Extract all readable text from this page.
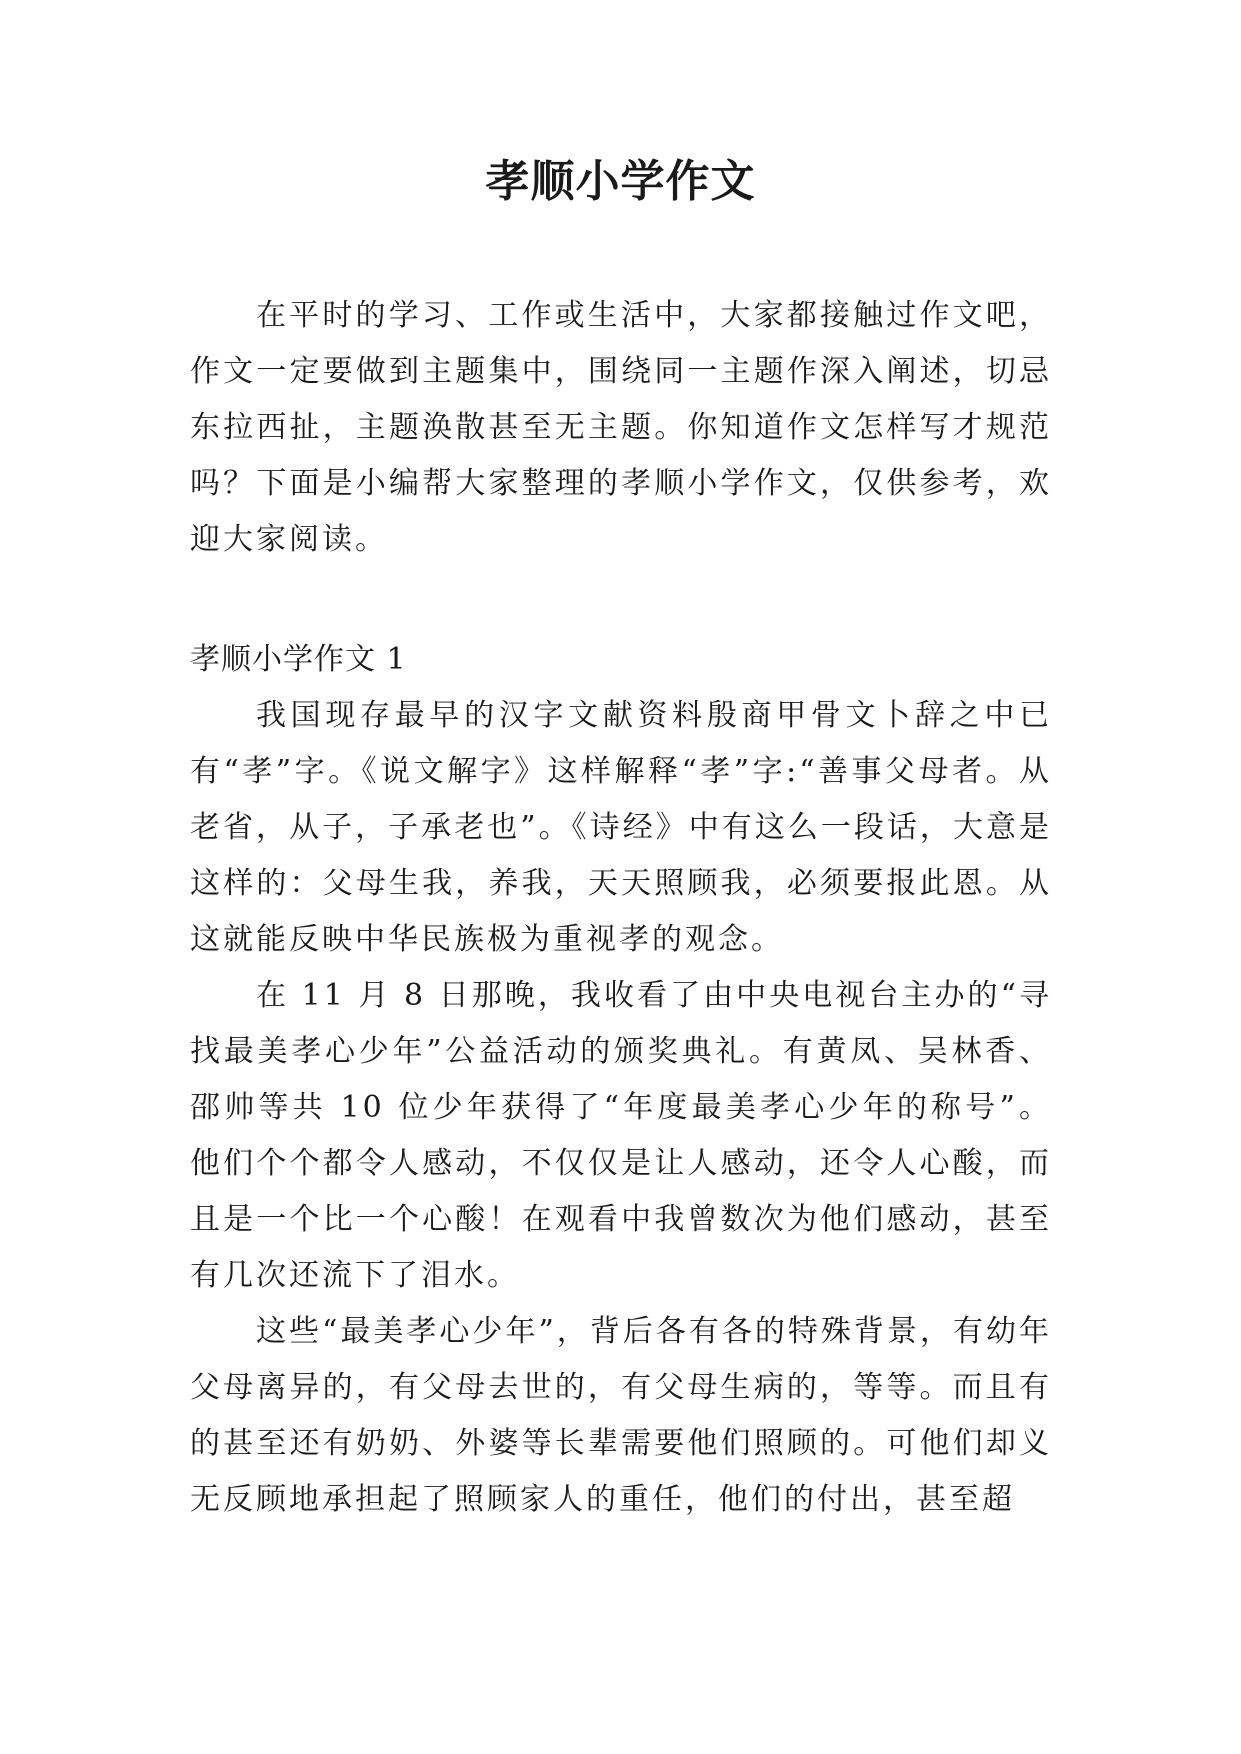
孝顺小学作文

在平时的学习、工作或生活中，大家都接触过作文吧，作文一定要做到主题集中，围绕同一主题作深入阐述，切忌东拉西扯，主题涣散甚至无主题。你知道作文怎样写才规范吗？下面是小编帮大家整理的孝顺小学作文，仅供参考，欢迎大家阅读。

孝顺小学作文 1

我国现存最早的汉字文献资料殷商甲骨文卜辞之中已有“孝”字。《说文解字》这样解释“孝”字:“善事父母者。从老省，从子，子承老也”。《诗经》中有这么一段话，大意是这样的：父母生我，养我，天天照顾我，必须要报此恩。从这就能反映中华民族极为重视孝的观念。

在 11 月 8 日那晚，我收看了由中央电视台主办的“寻找最美孝心少年”公益活动的颁奖典礼。有黄凤、吴林香、邵帅等共 10 位少年获得了“年度最美孝心少年的称号”。他们个个都令人感动，不仅仅是让人感动，还令人心酸，而且是一个比一个心酸！在观看中我曾数次为他们感动，甚至有几次还流下了泪水。

这些“最美孝心少年”，背后各有各的特殊背景，有幼年父母离异的，有父母去世的，有父母生病的，等等。而且有的甚至还有奶奶、外婆等长辈需要他们照顾的。可他们却义无反顾地承担起了照顾家人的重任，他们的付出，甚至超
